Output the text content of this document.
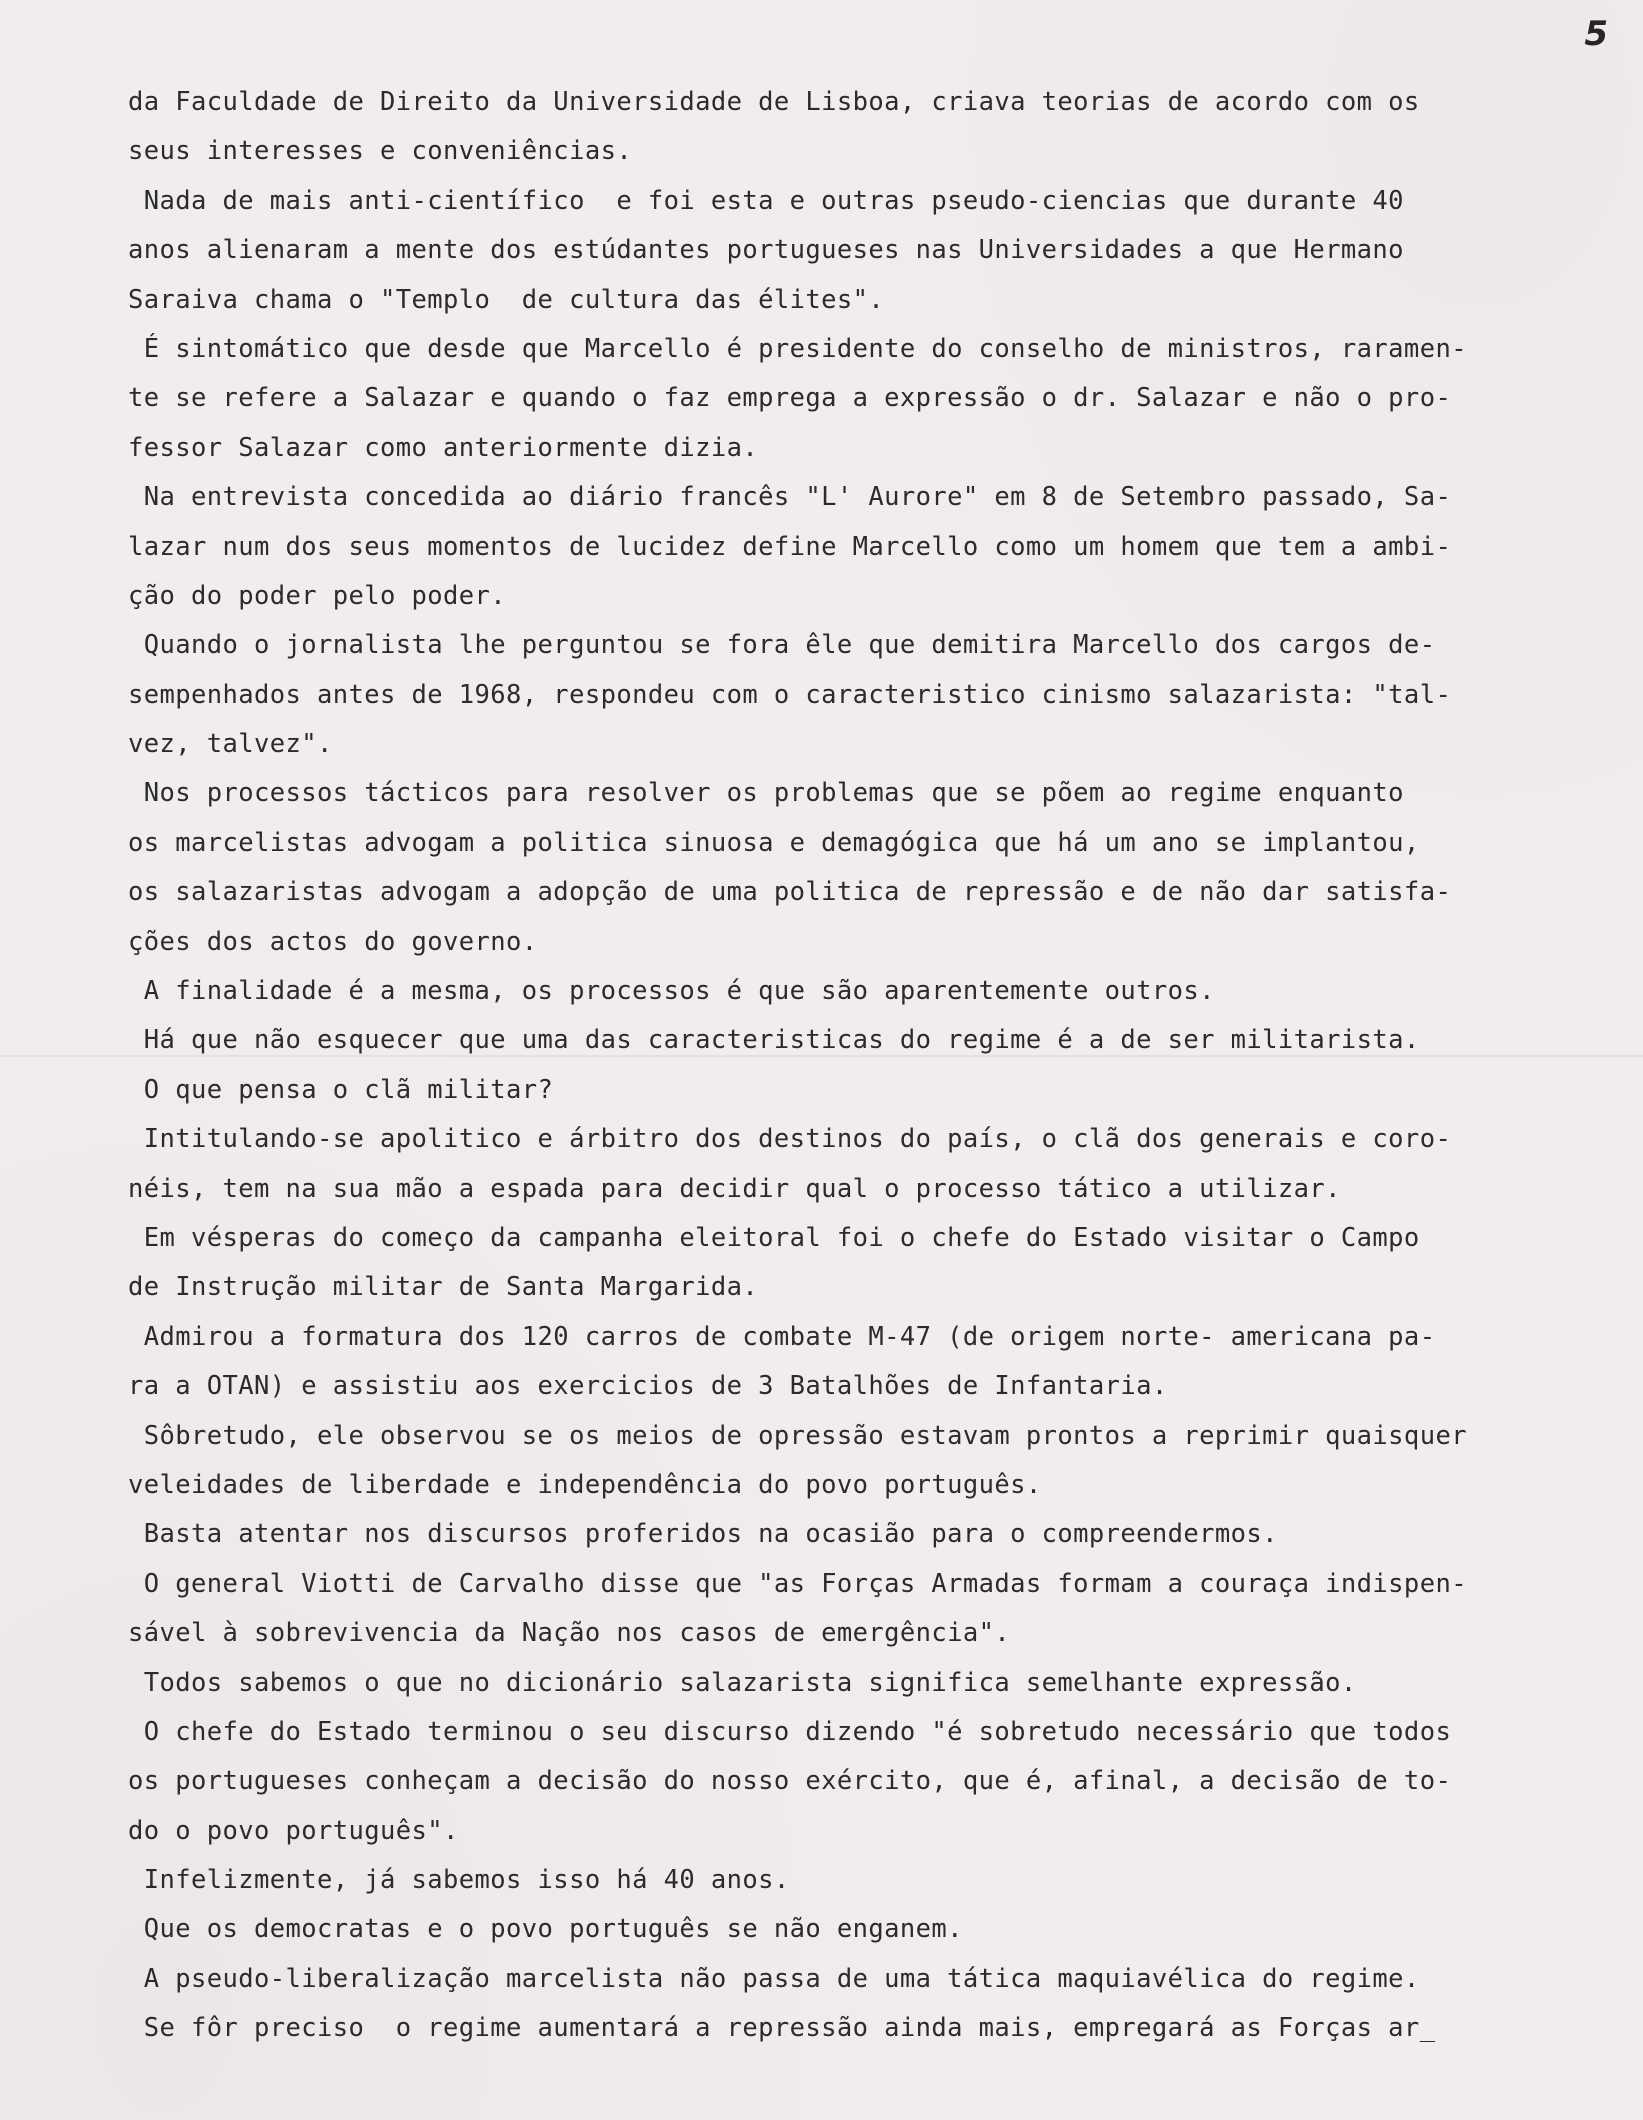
5
da Faculdade de Direito da Universidade de Lisboa, criava teorias de acordo com os
seus interesses e conveniências.
Nada de mais anti-científico  e foi esta e outras pseudo-ciencias que durante 40
anos alienaram a mente dos estúdantes portugueses nas Universidades a que Hermano
Saraiva chama o "Templo  de cultura das élites".
É sintomático que desde que Marcello é presidente do conselho de ministros, raramen-
te se refere a Salazar e quando o faz emprega a expressão o dr. Salazar e não o pro-
fessor Salazar como anteriormente dizia.
Na entrevista concedida ao diário francês "L' Aurore" em 8 de Setembro passado, Sa-
lazar num dos seus momentos de lucidez define Marcello como um homem que tem a ambi-
ção do poder pelo poder.
Quando o jornalista lhe perguntou se fora êle que demitira Marcello dos cargos de-
sempenhados antes de 1968, respondeu com o caracteristico cinismo salazarista: "tal-
vez, talvez".
Nos processos tácticos para resolver os problemas que se põem ao regime enquanto
os marcelistas advogam a politica sinuosa e demagógica que há um ano se implantou,
os salazaristas advogam a adopção de uma politica de repressão e de não dar satisfa-
ções dos actos do governo.
A finalidade é a mesma, os processos é que são aparentemente outros.
Há que não esquecer que uma das caracteristicas do regime é a de ser militarista.
O que pensa o clã militar?
Intitulando-se apolitico e árbitro dos destinos do país, o clã dos generais e coro-
néis, tem na sua mão a espada para decidir qual o processo tático a utilizar.
Em vésperas do começo da campanha eleitoral foi o chefe do Estado visitar o Campo
de Instrução militar de Santa Margarida.
Admirou a formatura dos 120 carros de combate M-47 (de origem norte- americana pa-
ra a OTAN) e assistiu aos exercicios de 3 Batalhões de Infantaria.
Sôbretudo, ele observou se os meios de opressão estavam prontos a reprimir quaisquer
veleidades de liberdade e independência do povo português.
Basta atentar nos discursos proferidos na ocasião para o compreendermos.
O general Viotti de Carvalho disse que "as Forças Armadas formam a couraça indispen-
sável à sobrevivencia da Nação nos casos de emergência".
Todos sabemos o que no dicionário salazarista significa semelhante expressão.
O chefe do Estado terminou o seu discurso dizendo "é sobretudo necessário que todos
os portugueses conheçam a decisão do nosso exército, que é, afinal, a decisão de to-
do o povo português".
Infelizmente, já sabemos isso há 40 anos.
Que os democratas e o povo português se não enganem.
A pseudo-liberalização marcelista não passa de uma tática maquiavélica do regime.
Se fôr preciso  o regime aumentará a repressão ainda mais, empregará as Forças ar_
